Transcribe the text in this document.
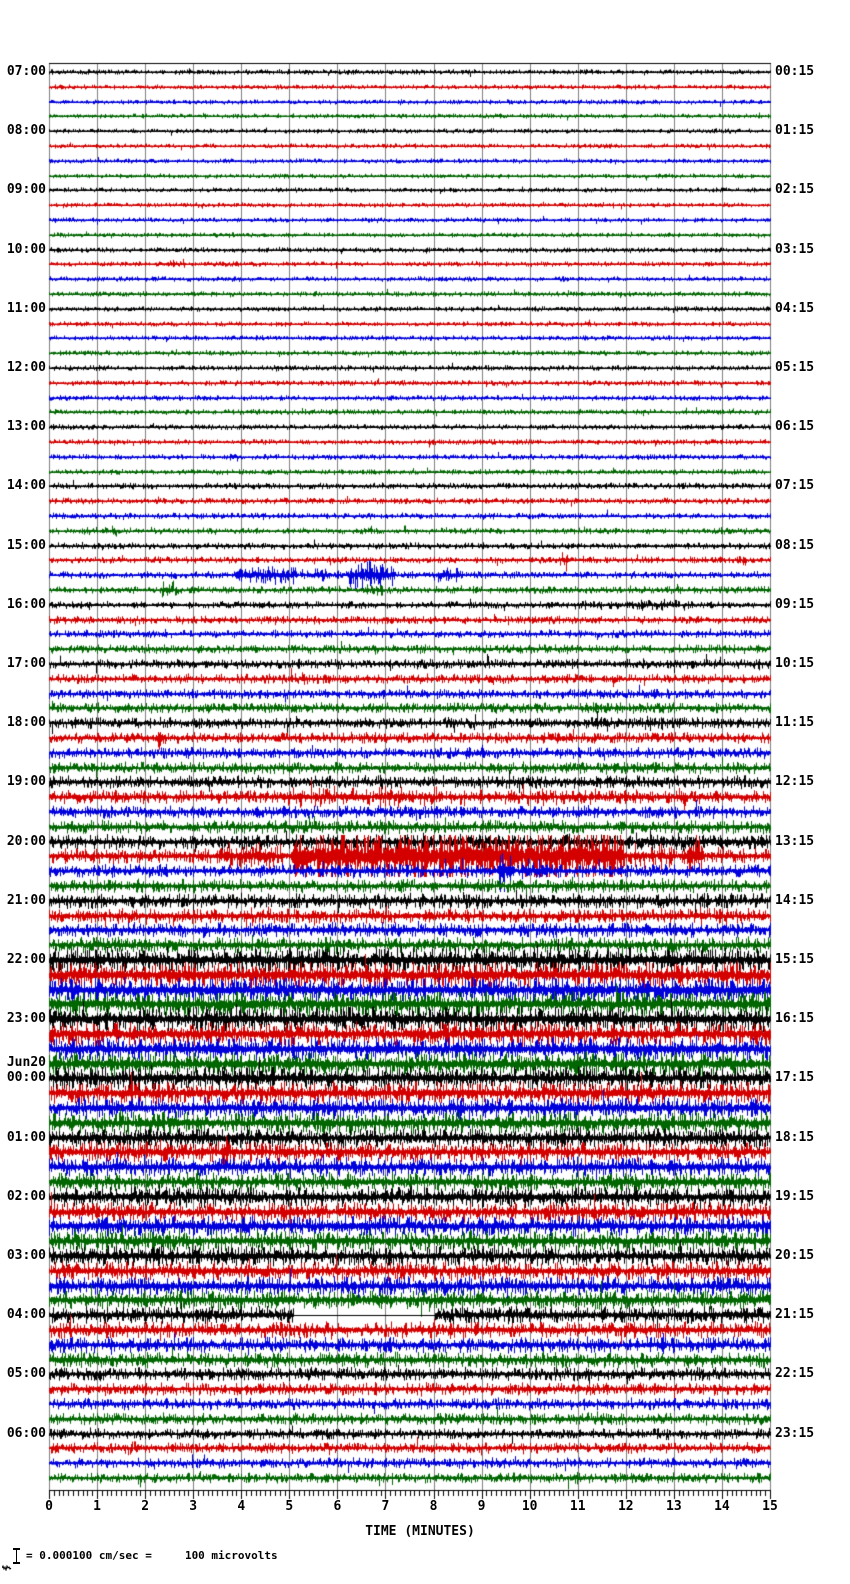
07:00	00:15
08:00	01:15
09:00	02:15
10:00	03:15
11:00	04:15
12:00	05:15
13:00	06:15
14:00	07:15
15:00	08:15
16:00	09:15
17:00	10:15
18:00	11:15
19:00	12:15
20:00	13:15
21:00	14:15
22:00	15:15
23:00	16:15
Jun20
00:00	17:15
01:00	18:15
02:00	19:15
03:00	20:15
04:00	21:15
05:00	22:15
06:00	23:15
0	1	2	3	4	5	6	7	8	9	10	11	12	13	14	15
TIME (MINUTES)
= 0.000100 cm/sec =     100 microvolts
